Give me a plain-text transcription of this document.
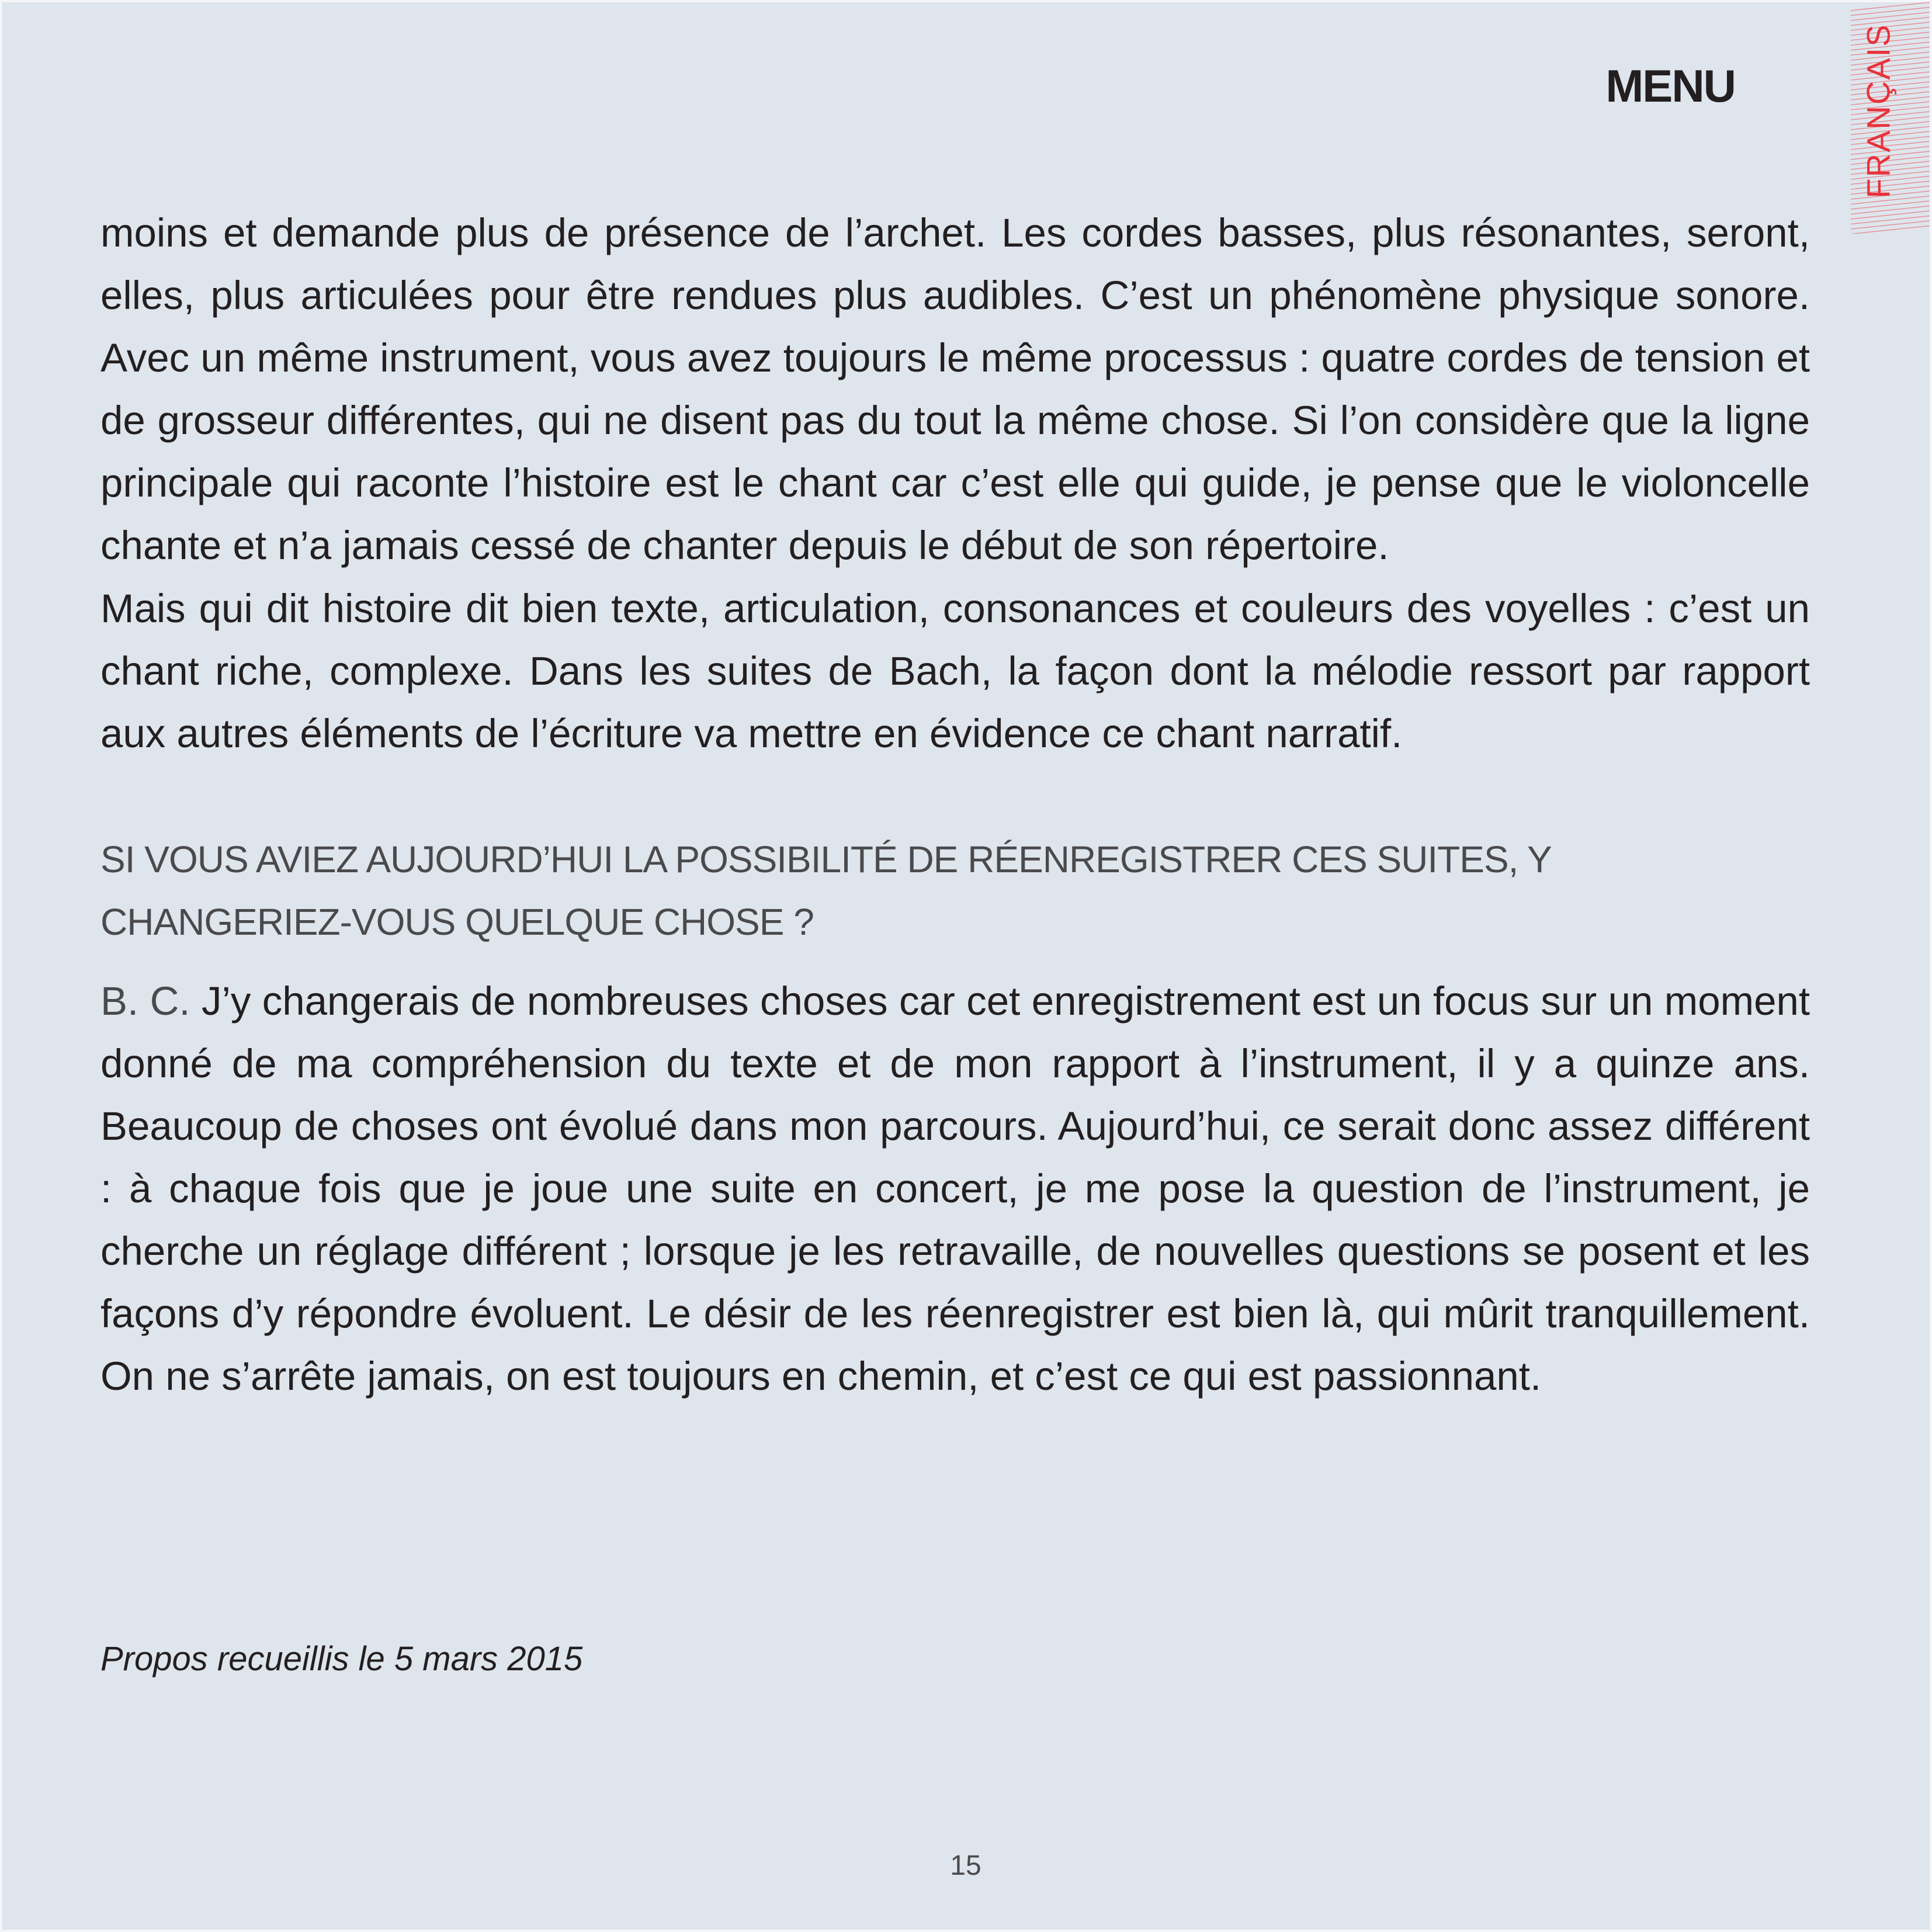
FRANÇAIS
MENU

moins et demande plus de présence de l’archet. Les cordes basses, plus résonantes, seront, elles, plus articulées pour être rendues plus audibles. C’est un phénomène physique sonore. Avec un même instrument, vous avez toujours le même processus : quatre cordes de tension et de grosseur différentes, qui ne disent pas du tout la même chose. Si l’on considère que la ligne principale qui raconte l’histoire est le chant car c’est elle qui guide, je pense que le violoncelle chante et n’a jamais cessé de chanter depuis le début de son répertoire.

Mais qui dit histoire dit bien texte, articulation, consonances et couleurs des voyelles : c’est un chant riche, complexe. Dans les suites de Bach, la façon dont la mélodie ressort par rapport aux autres éléments de l’écriture va mettre en évidence ce chant narratif.

SI VOUS AVIEZ AUJOURD’HUI LA POSSIBILITÉ DE RÉENREGISTRER CES SUITES, Y CHANGERIEZ-VOUS QUELQUE CHOSE ?

B. C. J’y changerais de nombreuses choses car cet enregistrement est un focus sur un moment donné de ma compréhension du texte et de mon rapport à l’instrument, il y a quinze ans. Beaucoup de choses ont évolué dans mon parcours. Aujourd’hui, ce serait donc assez différent : à chaque fois que je joue une suite en concert, je me pose la question de l’instrument, je cherche un réglage différent ; lorsque je les retravaille, de nouvelles questions se posent et les façons d’y répondre évoluent. Le désir de les réenregistrer est bien là, qui mûrit tranquillement. On ne s’arrête jamais, on est toujours en chemin, et c’est ce qui est passionnant.

Propos recueillis le 5 mars 2015
15
